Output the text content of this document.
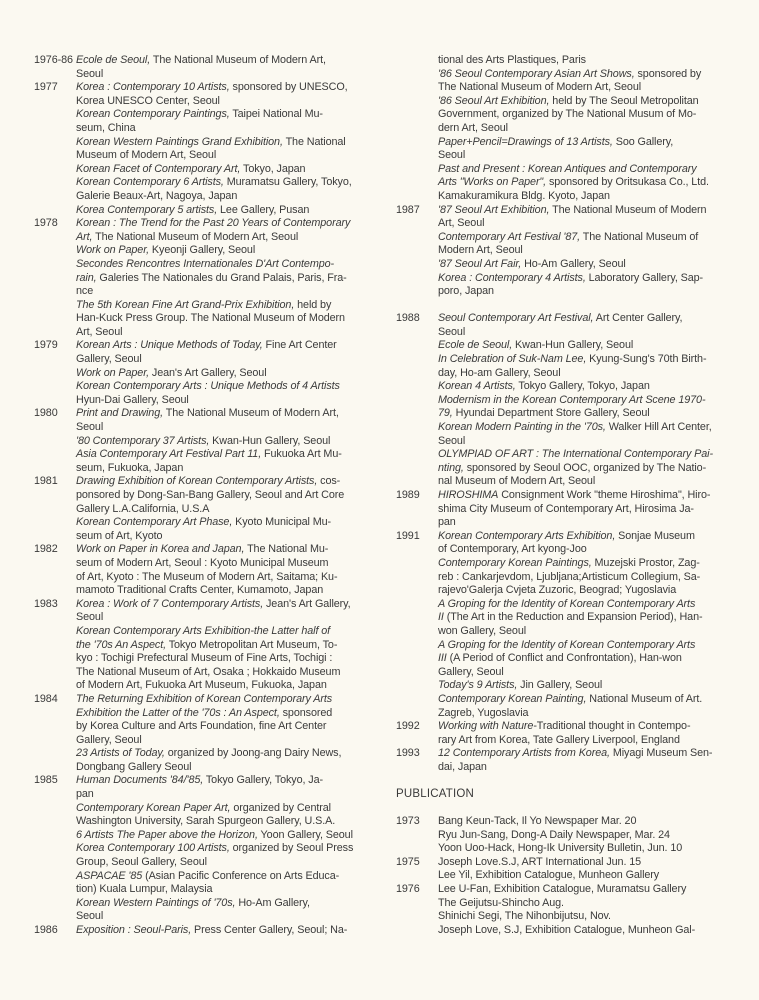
1976-86 Ecole de Seoul, The National Museum of Modern Art,
Seoul
1977	Korea : Contemporary 10 Artists, sponsored by UNESCO,
Korea UNESCO Center, Seoul
Korean Contemporary Paintings, Taipei National Mu-
seum, China
Korean Western Paintings Grand Exhibition, The National
Museum of Modern Art, Seoul
Korean Facet of Contemporary Art, Tokyo, Japan
Korean Contemporary 6 Artists, Muramatsu Gallery, Tokyo,
Galerie Beaux-Art, Nagoya, Japan
Korea Contemporary 5 artists, Lee Gallery, Pusan
1978	Korean : The Trend for the Past 20 Years of Contemporary
Art, The National Museum of Modern Art, Seoul
Work on Paper, Kyeonji Gallery, Seoul
Secondes Rencontres Internationales D'Art Contempo-
rain, Galeries The Nationales du Grand Palais, Paris, Fra-
nce
The 5th Korean Fine Art Grand-Prix Exhibition, held by
Han-Kuck Press Group. The National Museum of Modern
Art, Seoul
1979	Korean Arts : Unique Methods of Today, Fine Art Center
Gallery, Seoul
Work on Paper, Jean's Art Gallery, Seoul
Korean Contemporary Arts : Unique Methods of 4 Artists
Hyun-Dai Gallery, Seoul
1980	Print and Drawing, The National Museum of Modern Art,
Seoul
'80 Contemporary 37 Artists, Kwan-Hun Gallery, Seoul
Asia Contemporary Art Festival Part 11, Fukuoka Art Mu-
seum, Fukuoka, Japan
1981	Drawing Exhibition of Korean Contemporary Artists, cos-
ponsored by Dong-San-Bang Gallery, Seoul and Art Core
Gallery L.A.California, U.S.A
Korean Contemporary Art Phase, Kyoto Municipal Mu-
seum of Art, Kyoto
1982	Work on Paper in Korea and Japan, The National Mu-
seum of Modern Art, Seoul : Kyoto Municipal Museum
of Art, Kyoto : The Museum of Modern Art, Saitama; Ku-
mamoto Traditional Crafts Center, Kumamoto, Japan
1983	Korea : Work of 7 Contemporary Artists, Jean's Art Gallery,
Seoul
Korean Contemporary Arts Exhibition-the Latter half of
the '70s An Aspect, Tokyo Metropolitan Art Museum, To-
kyo : Tochigi Prefectural Museum of Fine Arts, Tochigi :
The National Museum of Art, Osaka ; Hokkaido Museum
of Modern Art, Fukuoka Art Museum, Fukuoka, Japan
1984	The Returning Exhibition of Korean Contemporary Arts
Exhibition the Latter of the '70s : An Aspect, sponsored
by Korea Culture and Arts Foundation, fine Art Center
Gallery, Seoul
23 Artists of Today, organized by Joong-ang Dairy News,
Dongbang Gallery Seoul
1985	Human Documents '84/'85, Tokyo Gallery, Tokyo, Ja-
pan
Contemporary Korean Paper Art, organized by Central
Washington University, Sarah Spurgeon Gallery, U.S.A.
6 Artists The Paper above the Horizon, Yoon Gallery, Seoul
Korea Contemporary 100 Artists, organized by Seoul Press
Group, Seoul Gallery, Seoul
ASPACAE '85 (Asian Pacific Conference on Arts Educa-
tion) Kuala Lumpur, Malaysia
Korean Western Paintings of '70s, Ho-Am Gallery,
Seoul
1986	Exposition : Seoul-Paris, Press Center Gallery, Seoul; Na-
tional des Arts Plastiques, Paris
'86 Seoul Contemporary Asian Art Shows, sponsored by
The National Museum of Modern Art, Seoul
'86 Seoul Art Exhibition, held by The Seoul Metropolitan
Government, organized by The National Musum of Mo-
dern Art, Seoul
Paper+Pencil=Drawings of 13 Artists, Soo Gallery,
Seoul
Past and Present : Korean Antiques and Contemporary
Arts "Works on Paper", sponsored by Oritsukasa Co., Ltd.
Kamakuramikura Bldg. Kyoto, Japan
1987	'87 Seoul Art Exhibition, The National Museum of Modern
Art, Seoul
Contemporary Art Festival '87, The National Museum of
Modern Art, Seoul
'87 Seoul Art Fair, Ho-Am Gallery, Seoul
Korea : Contemporary 4 Artists, Laboratory Gallery, Sap-
poro, Japan
1988	Seoul Contemporary Art Festival, Art Center Gallery,
Seoul
Ecole de Seoul, Kwan-Hun Gallery, Seoul
In Celebration of Suk-Nam Lee, Kyung-Sung's 70th Birth-
day, Ho-am Gallery, Seoul
Korean 4 Artists, Tokyo Gallery, Tokyo, Japan
Modernism in the Korean Contemporary Art Scene 1970-
79, Hyundai Department Store Gallery, Seoul
Korean Modern Painting in the '70s, Walker Hill Art Center,
Seoul
OLYMPIAD OF ART : The International Contemporary Pai-
nting, sponsored by Seoul OOC, organized by The Natio-
nal Museum of Modern Art, Seoul
1989	HIROSHIMA Consignment Work "theme Hiroshima", Hiro-
shima City Museum of Contemporary Art, Hirosima Ja-
pan
1991	Korean Contemporary Arts Exhibition, Sonjae Museum
of Contemporary, Art kyong-Joo
Contemporary Korean Paintings, Muzejski Prostor, Zag-
reb : Cankarjevdom, Ljubljana;Artisticum Collegium, Sa-
rajevo'Galerja Cvjeta Zuzoric, Beograd; Yugoslavia
A Groping for the Identity of Korean Contemporary Arts
II (The Art in the Reduction and Expansion Period), Han-
won Gallery, Seoul
A Groping for the Identity of Korean Contemporary Arts
III (A Period of Conflict and Confrontation), Han-won
Gallery, Seoul
Today's 9 Artists, Jin Gallery, Seoul
Contemporary Korean Painting, National Museum of Art.
Zagreb, Yugoslavia
1992	Working with Nature-Traditional thought in Contempo-
rary Art from Korea, Tate Gallery Liverpool, England
1993	12 Contemporary Artists from Korea, Miyagi Museum Sen-
dai, Japan
PUBLICATION
1973	Bang Keun-Tack, Il Yo Newspaper Mar. 20
Ryu Jun-Sang, Dong-A Daily Newspaper, Mar. 24
Yoon Uoo-Hack, Hong-Ik University Bulletin, Jun. 10
1975	Joseph Love.S.J, ART International Jun. 15
Lee Yil, Exhibition Catalogue, Munheon Gallery
1976	Lee U-Fan, Exhibition Catalogue, Muramatsu Gallery
The Geijutsu-Shincho Aug.
Shinichi Segi, The Nihonbijutsu, Nov.
Joseph Love, S.J, Exhibition Catalogue, Munheon Gal-
